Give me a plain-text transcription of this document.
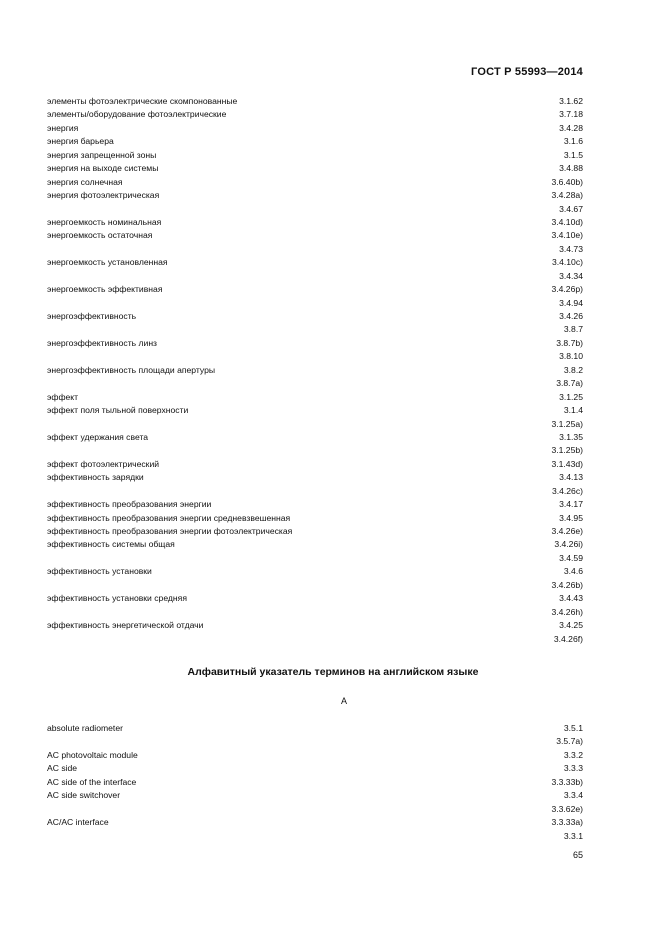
ГОСТ Р 55993—2014
элементы фотоэлектрические скомпонованные	3.1.62
элементы/оборудование фотоэлектрические	3.7.18
энергия	3.4.28
энергия барьера	3.1.6
энергия запрещенной зоны	3.1.5
энергия на выходе системы	3.4.88
энергия солнечная	3.6.40b)
энергия фотоэлектрическая	3.4.28a)
3.4.67
энергоемкость номинальная	3.4.10d)
энергоемкость остаточная	3.4.10e)
3.4.73
энергоемкость установленная	3.4.10c)
3.4.34
энергоемкость эффективная	3.4.26p)
3.4.94
энергоэффективность	3.4.26
3.8.7
энергоэффективность линз	3.8.7b)
3.8.10
энергоэффективность площади апертуры	3.8.2
3.8.7a)
эффект	3.1.25
эффект поля тыльной поверхности	3.1.4
3.1.25a)
эффект удержания света	3.1.35
3.1.25b)
эффект фотоэлектрический	3.1.43d)
эффективность зарядки	3.4.13
3.4.26c)
эффективность преобразования энергии	3.4.17
эффективность преобразования энергии средневзвешенная	3.4.95
эффективность преобразования энергии фотоэлектрическая	3.4.26e)
эффективность системы общая	3.4.26i)
3.4.59
эффективность установки	3.4.6
3.4.26b)
эффективность установки средняя	3.4.43
3.4.26h)
эффективность энергетической отдачи	3.4.25
3.4.26f)
Алфавитный указатель терминов на английском языке
A
absolute radiometer	3.5.1
3.5.7a)
AC photovoltaic module	3.3.2
AC side	3.3.3
AC side of the interface	3.3.33b)
AC side switchover	3.3.4
3.3.62e)
AC/AC interface	3.3.33a)
3.3.1
65
